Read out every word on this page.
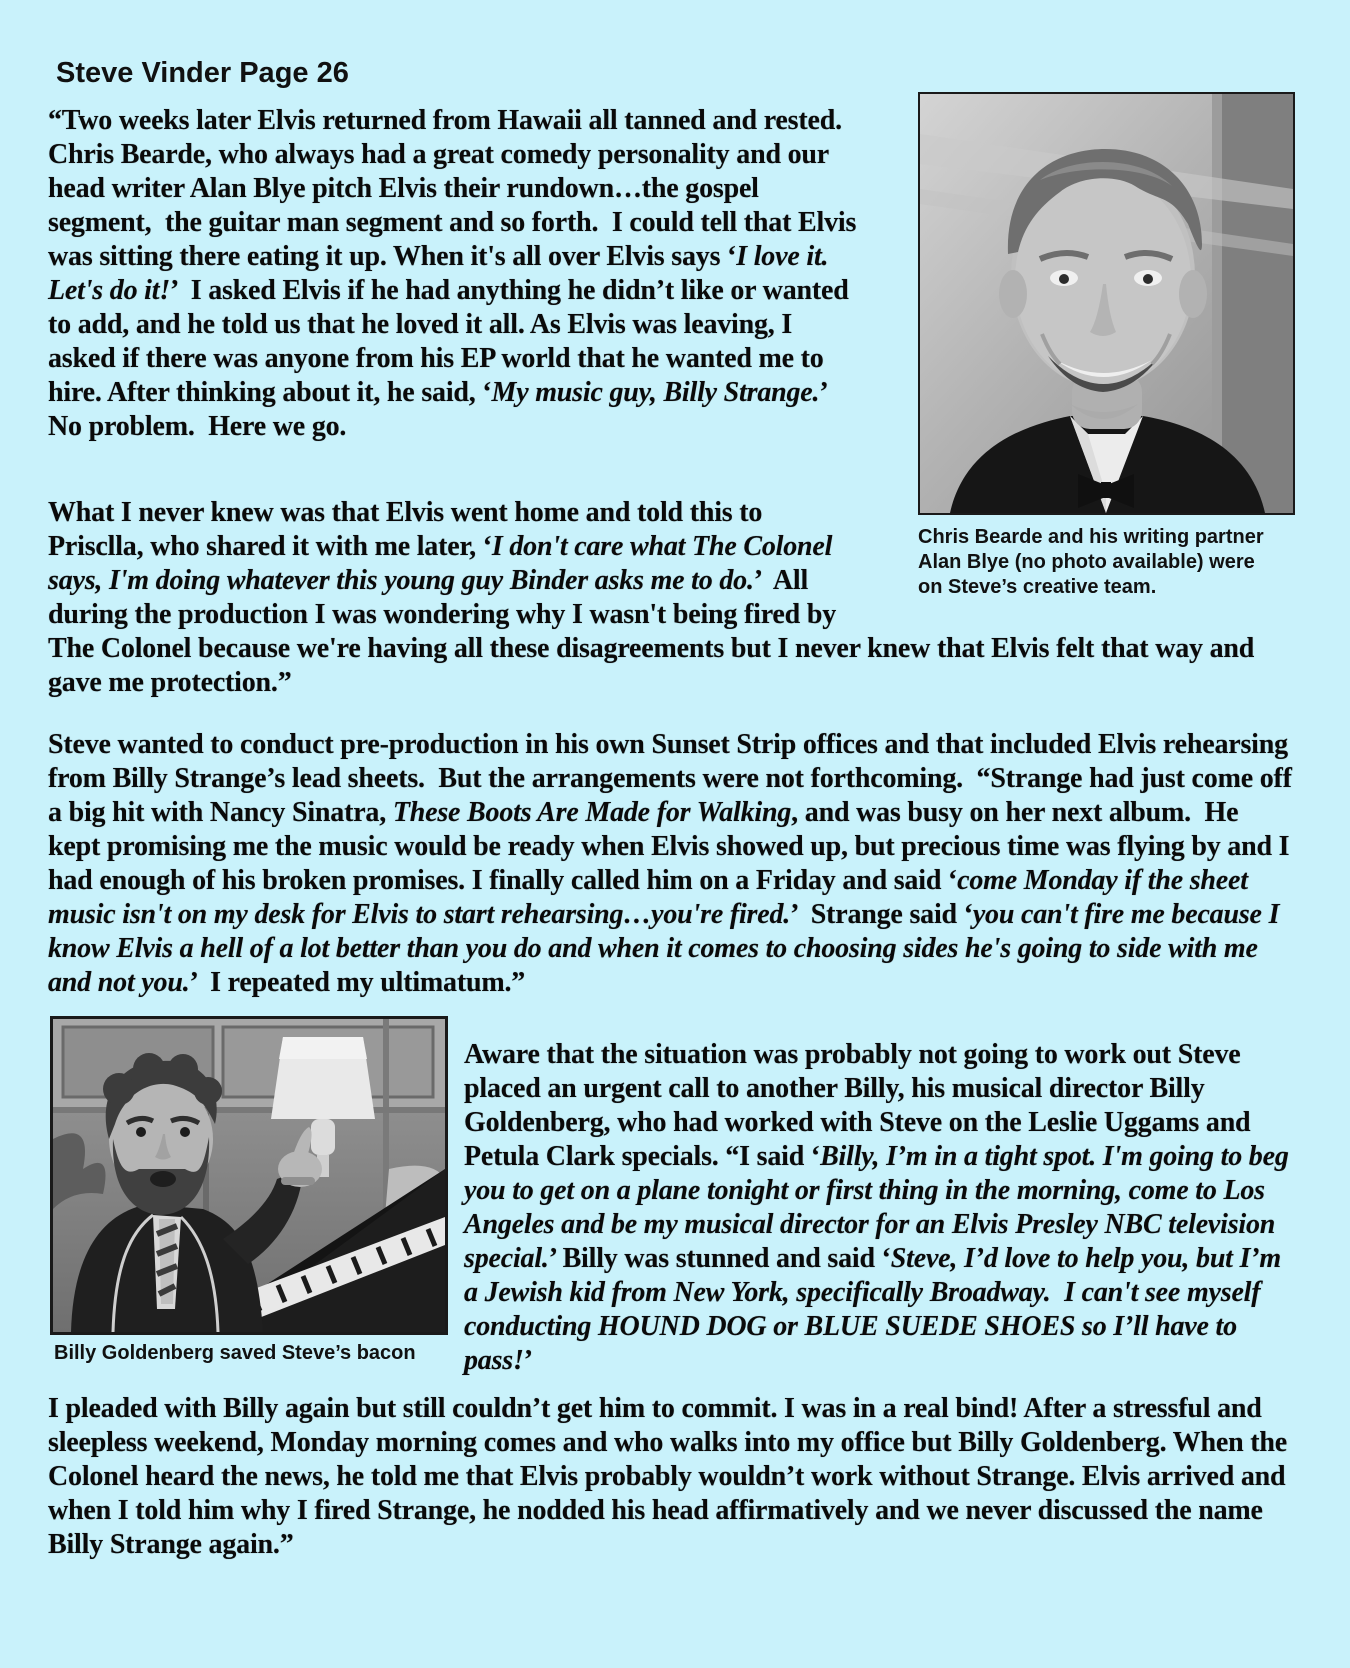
Steve Vinder Page 26
Chris Bearde and his writing partner
Alan Blye (no photo available) were
on Steve’s creative team.

“Two weeks later Elvis returned from Hawaii all tanned and rested.  Chris Bearde, who always had a great comedy personality and our head writer Alan Blye pitch Elvis their rundown…the gospel segment,  the guitar man segment and so forth.  I could tell that Elvis was sitting there eating it up. When it's all over Elvis says ‘I love it. Let's do it!’  I asked Elvis if he had anything he didn’t like or wanted to add, and he told us that he loved it all. As Elvis was leaving, I asked if there was anyone from his EP world that he wanted me to hire. After thinking about it, he said, ‘My music guy, Billy Strange.’  No problem.  Here we go.

What I never knew was that Elvis went home and told this to Prisclla, who shared it with me later, ‘I don't care what The Colonel says, I'm doing whatever this young guy Binder asks me to do.’  All during the production I was wondering why I wasn't being fired by The Colonel because we're having all these disagreements but I never knew that Elvis felt that way and gave me protection.”

Steve wanted to conduct pre-production in his own Sunset Strip offices and that included Elvis rehearsing from Billy Strange’s lead sheets.  But the arrangements were not forthcoming.  “Strange had just come off a big hit with Nancy Sinatra, These Boots Are Made for Walking, and was busy on her next album.  He kept promising me the music would be ready when Elvis showed up, but precious time was flying by and I had enough of his broken promises. I finally called him on a Friday and said ‘come Monday if the sheet music isn't on my desk for Elvis to start rehearsing…you're fired.’  Strange said ‘you can't fire me because I know Elvis a hell of a lot better than you do and when it comes to choosing sides he's going to side with me and not you.’  I repeated my ultimatum.”

Billy Goldenberg saved Steve’s bacon

Aware that the situation was probably not going to work out Steve placed an urgent call to another Billy, his musical director Billy Goldenberg, who had worked with Steve on the Leslie Uggams and Petula Clark specials. “I said ‘Billy, I’m in a tight spot. I'm going to beg you to get on a plane tonight or first thing in the morning, come to Los Angeles and be my musical director for an Elvis Presley NBC television special.’ Billy was stunned and said ‘Steve, I’d love to help you, but I’m a Jewish kid from New York, specifically Broadway.  I can't see myself conducting HOUND DOG or BLUE SUEDE SHOES so I’ll have to pass!’

I pleaded with Billy again but still couldn’t get him to commit. I was in a real bind! After a stressful and sleepless weekend, Monday morning comes and who walks into my office but Billy Goldenberg. When the Colonel heard the news, he told me that Elvis probably wouldn’t work without Strange. Elvis arrived and when I told him why I fired Strange, he nodded his head affirmatively and we never discussed the name Billy Strange again.”
